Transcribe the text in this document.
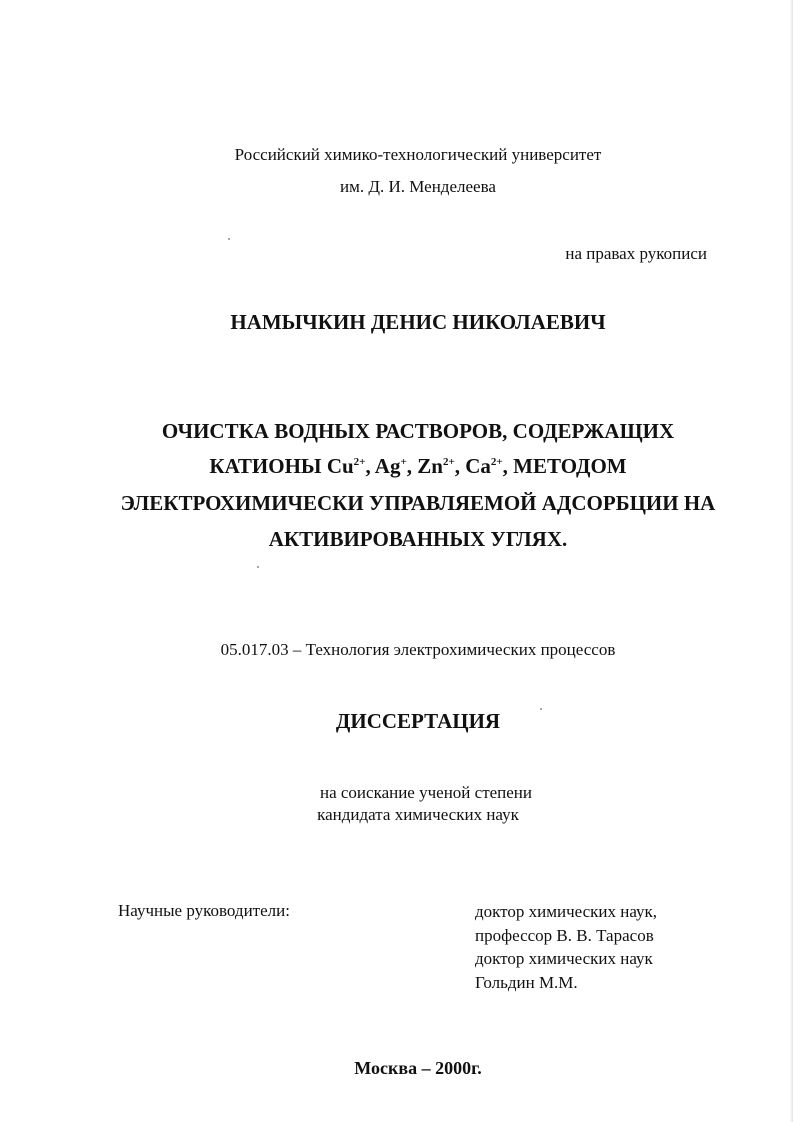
Российский химико-технологический университет
им. Д. И. Менделеева
на правах рукописи
НАМЫЧКИН ДЕНИС НИКОЛАЕВИЧ
ОЧИСТКА ВОДНЫХ РАСТВОРОВ, СОДЕРЖАЩИХ
КАТИОНЫ $Cu^{2+}$, Ag+, $Zn^{2+}$, $Ca^{2+}$, МЕТОДОМ
ЭЛЕКТРОХИМИЧЕСКИ УПРАВЛЯЕМОЙ АДСОРБЦИИ НА
АКТИВИРОВАННЫХ УГЛЯХ.
05.017.03 – Технология электрохимических процессов
ДИССЕРТАЦИЯ
на соискание ученой степени
кандидата химических наук
Научные руководители:	доктор химических наук,
профессор В. В. Тарасов
доктор химических наук
Гольдин М.М.
Москва – 2000г.
